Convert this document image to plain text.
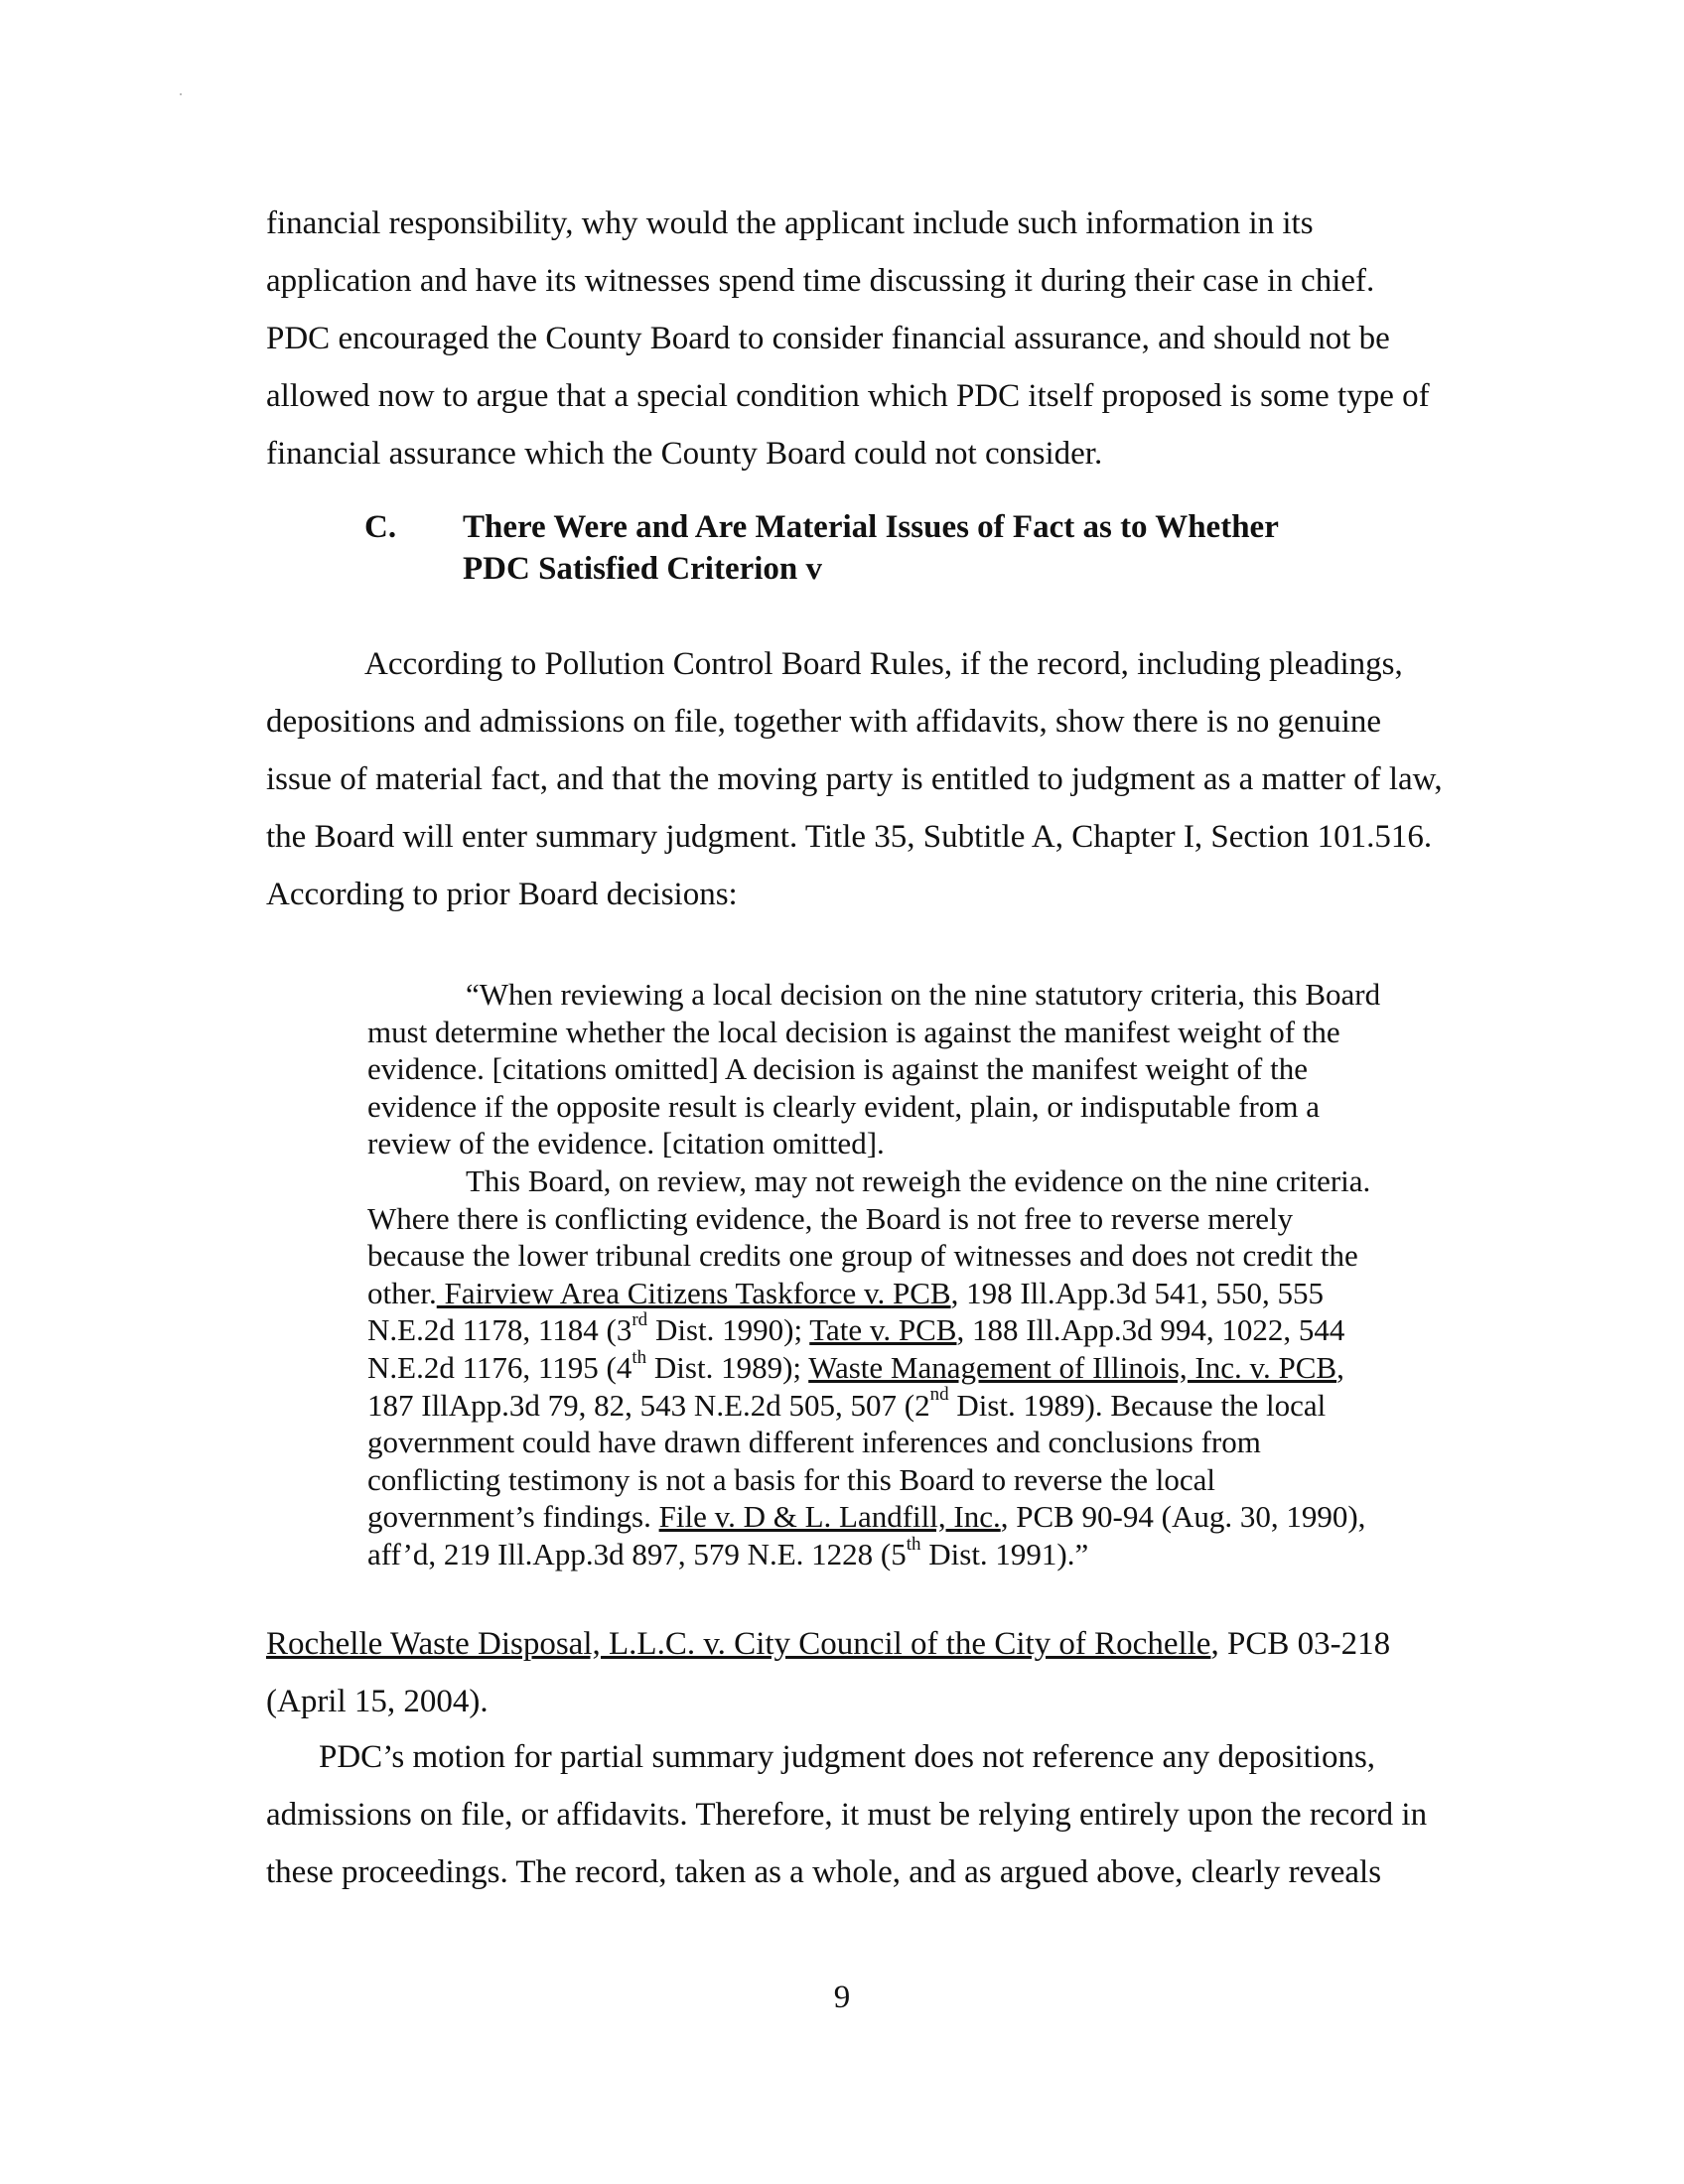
financial responsibility, why would the applicant include such information in its
application and have its witnesses spend time discussing it during their case in chief.
PDC encouraged the County Board to consider financial assurance, and should not be
allowed now to argue that a special condition which PDC itself proposed is some type of
financial assurance which the County Board could not consider.
C. There Were and Are Material Issues of Fact as to Whether
PDC Satisfied Criterion v
According to Pollution Control Board Rules, if the record, including pleadings,
depositions and admissions on file, together with affidavits, show there is no genuine
issue of material fact, and that the moving party is entitled to judgment as a matter of law,
the Board will enter summary judgment. Title 35, Subtitle A, Chapter I, Section 101.516.
According to prior Board decisions:
“When reviewing a local decision on the nine statutory criteria, this Board
must determine whether the local decision is against the manifest weight of the
evidence. [citations omitted] A decision is against the manifest weight of the
evidence if the opposite result is clearly evident, plain, or indisputable from a
review of the evidence. [citation omitted].
This Board, on review, may not reweigh the evidence on the nine criteria.
Where there is conflicting evidence, the Board is not free to reverse merely
because the lower tribunal credits one group of witnesses and does not credit the
other. Fairview Area Citizens Taskforce v. PCB, 198 Ill.App.3d 541, 550, 555
N.E.2d 1178, 1184 (3rd Dist. 1990); Tate v. PCB, 188 Ill.App.3d 994, 1022, 544
N.E.2d 1176, 1195 (4th Dist. 1989); Waste Management of Illinois, Inc. v. PCB,
187 IllApp.3d 79, 82, 543 N.E.2d 505, 507 (2nd Dist. 1989). Because the local
government could have drawn different inferences and conclusions from
conflicting testimony is not a basis for this Board to reverse the local
government’s findings. File v. D & L. Landfill, Inc., PCB 90-94 (Aug. 30, 1990),
aff’d, 219 Ill.App.3d 897, 579 N.E. 1228 (5th Dist. 1991).”
Rochelle Waste Disposal, L.L.C. v. City Council of the City of Rochelle, PCB 03-218
(April 15, 2004).
PDC’s motion for partial summary judgment does not reference any depositions,
admissions on file, or affidavits. Therefore, it must be relying entirely upon the record in
these proceedings. The record, taken as a whole, and as argued above, clearly reveals
9
